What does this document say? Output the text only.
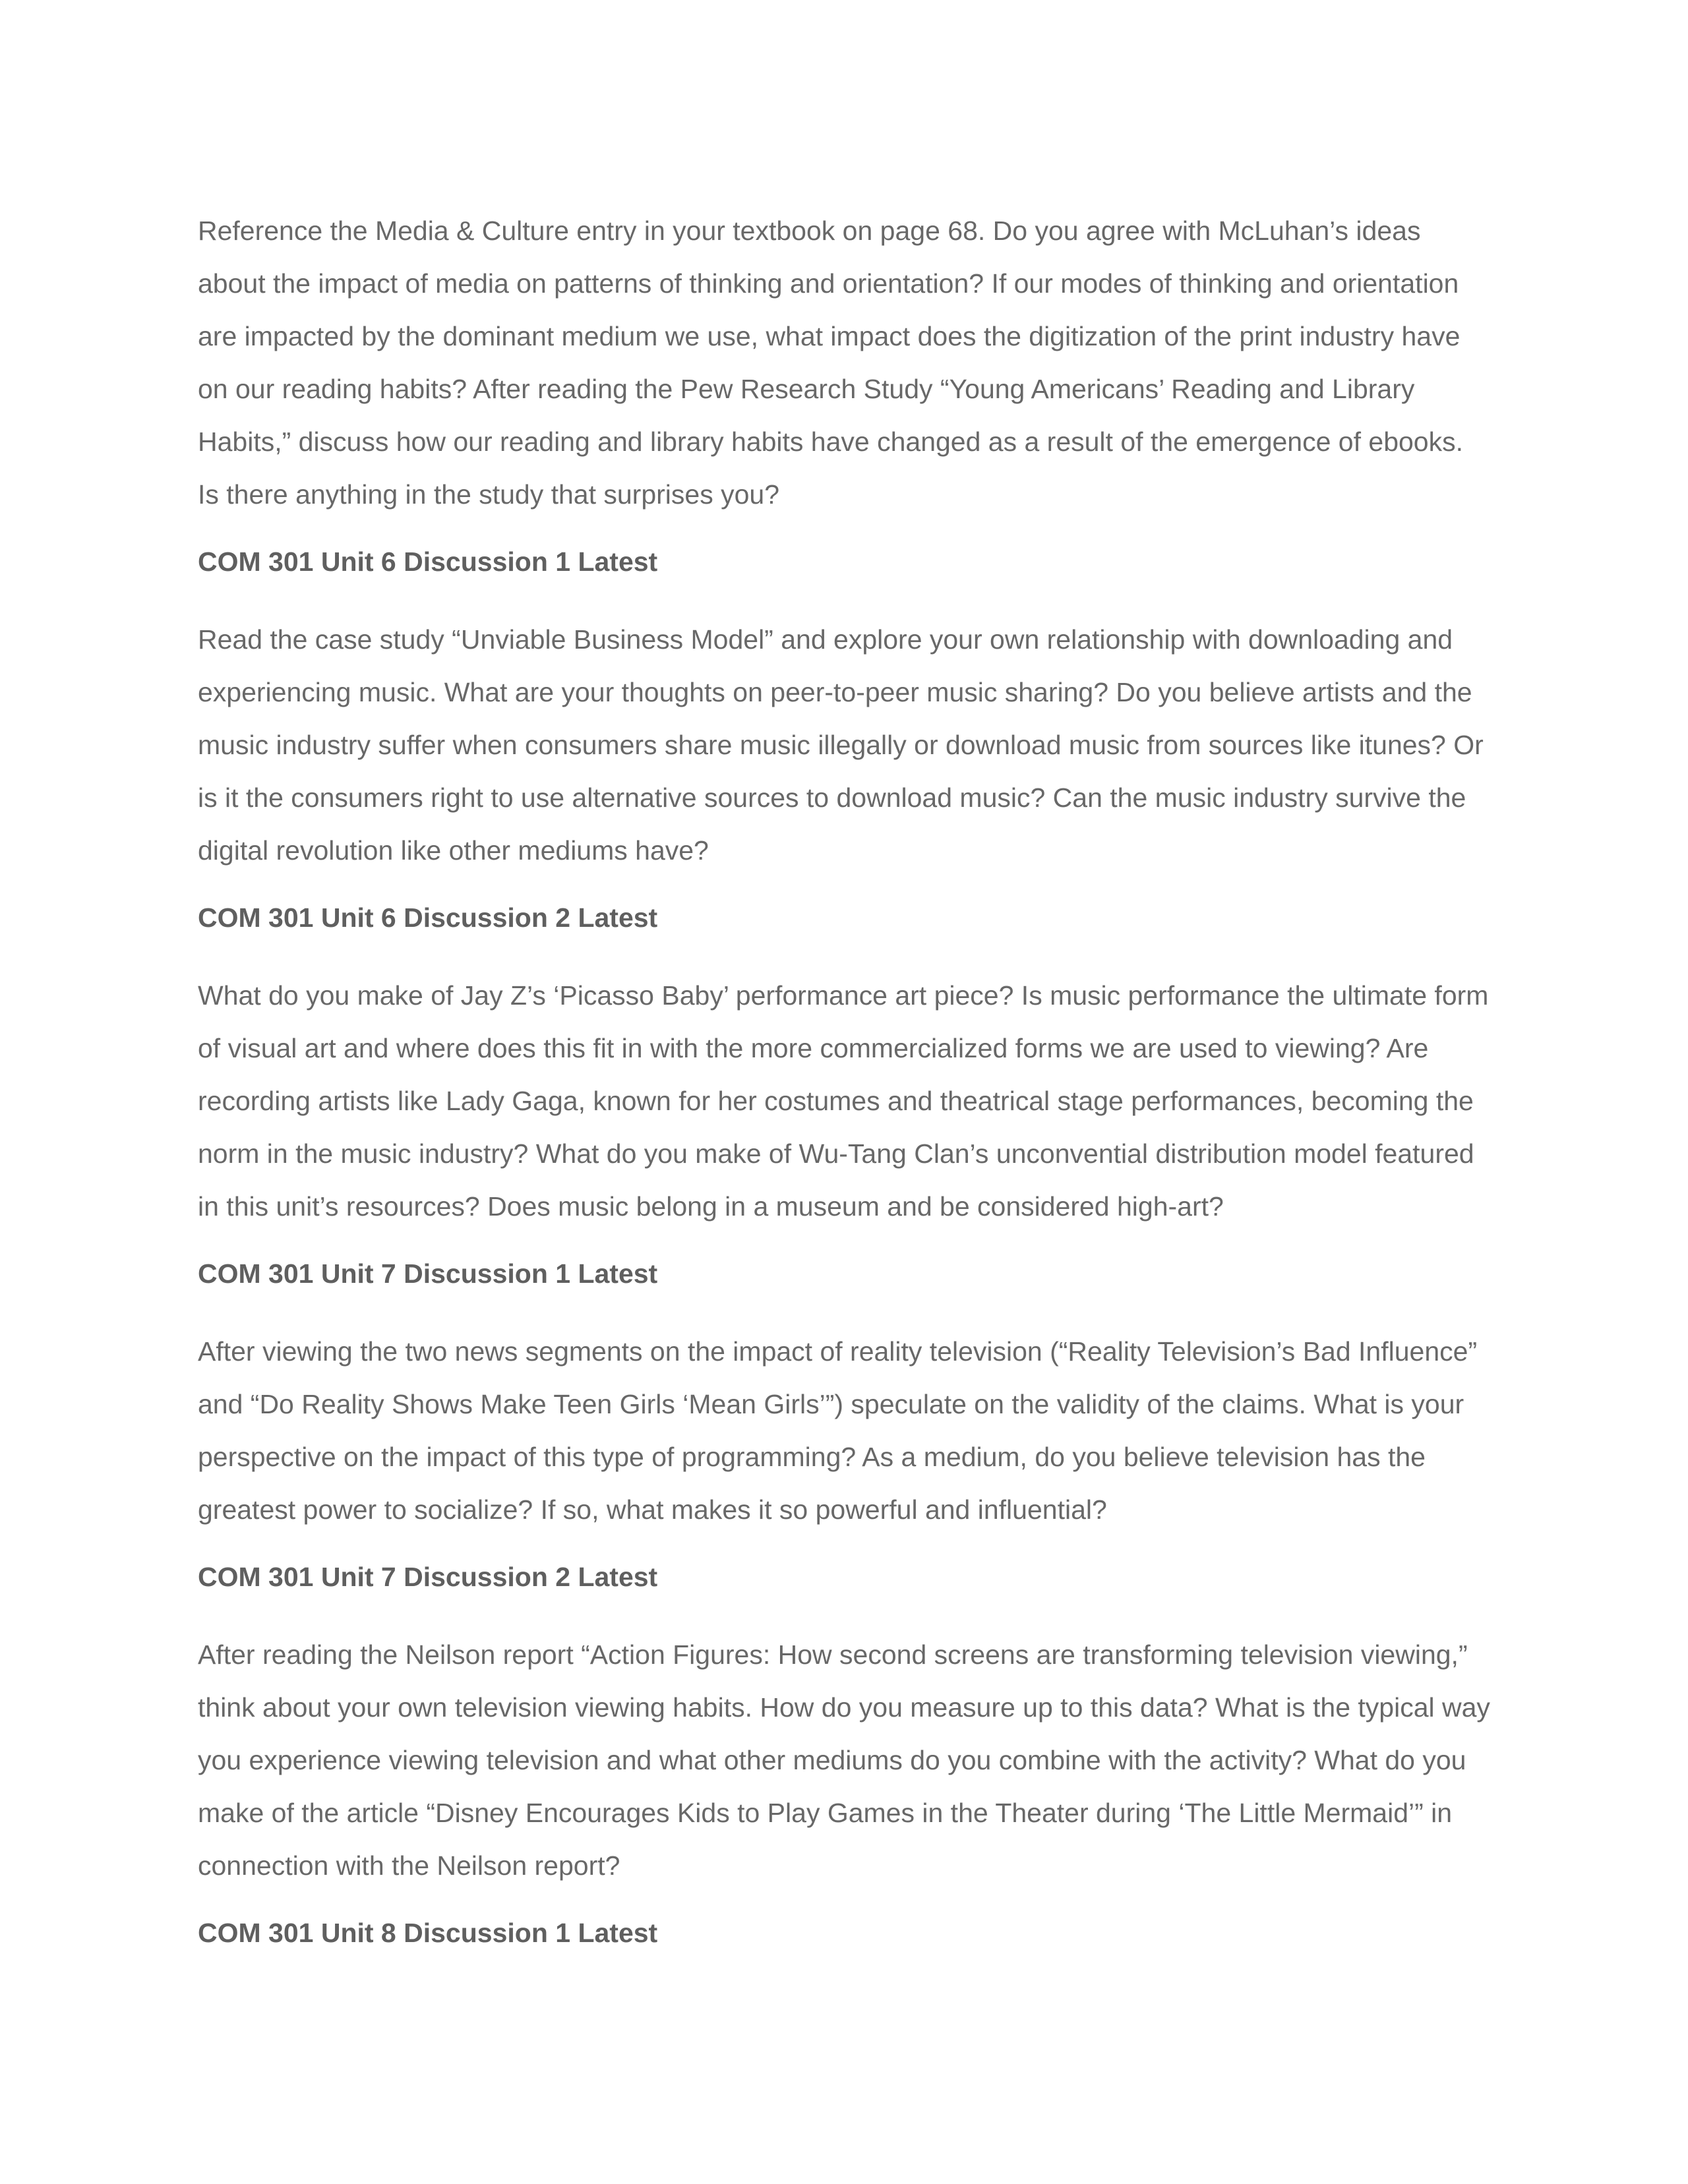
Reference the Media & Culture entry in your textbook on page 68. Do you agree with McLuhan’s ideas about the impact of media on patterns of thinking and orientation? If our modes of thinking and orientation are impacted by the dominant medium we use, what impact does the digitization of the print industry have on our reading habits? After reading the Pew Research Study “Young Americans’ Reading and Library Habits,” discuss how our reading and library habits have changed as a result of the emergence of ebooks. Is there anything in the study that surprises you?

COM 301 Unit 6 Discussion 1 Latest

Read the case study “Unviable Business Model” and explore your own relationship with downloading and experiencing music. What are your thoughts on peer-to-peer music sharing? Do you believe artists and the music industry suffer when consumers share music illegally or download music from sources like itunes? Or is it the consumers right to use alternative sources to download music? Can the music industry survive the digital revolution like other mediums have?

COM 301 Unit 6 Discussion 2 Latest

What do you make of Jay Z’s ‘Picasso Baby’ performance art piece? Is music performance the ultimate form of visual art and where does this fit in with the more commercialized forms we are used to viewing? Are recording artists like Lady Gaga, known for her costumes and theatrical stage performances, becoming the norm in the music industry? What do you make of Wu-Tang Clan’s unconvential distribution model featured in this unit’s resources? Does music belong in a museum and be considered high-art?

COM 301 Unit 7 Discussion 1 Latest

After viewing the two news segments on the impact of reality television (“Reality Television’s Bad Influence” and “Do Reality Shows Make Teen Girls ‘Mean Girls’”) speculate on the validity of the claims. What is your perspective on the impact of this type of programming? As a medium, do you believe television has the greatest power to socialize? If so, what makes it so powerful and influential?

COM 301 Unit 7 Discussion 2 Latest

After reading the Neilson report “Action Figures: How second screens are transforming television viewing,” think about your own television viewing habits. How do you measure up to this data? What is the typical way you experience viewing television and what other mediums do you combine with the activity? What do you make of the article “Disney Encourages Kids to Play Games in the Theater during ‘The Little Mermaid’” in connection with the Neilson report?

COM 301 Unit 8 Discussion 1 Latest
